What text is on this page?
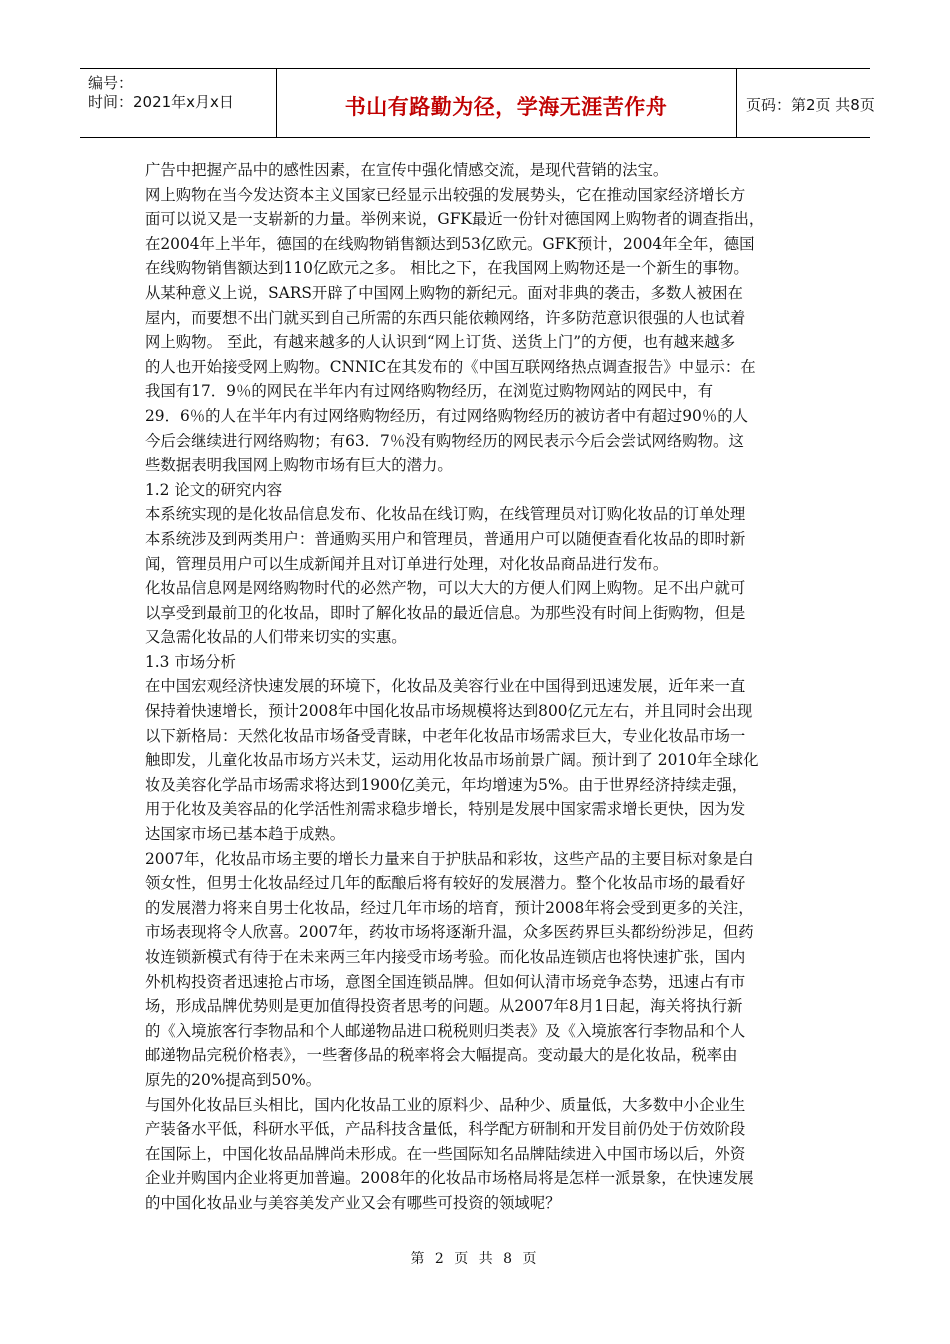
编号：
时间：2021年x月x日	书山有路勤为径，学海无涯苦作舟	页码：第2页 共8页
广告中把握产品中的感性因素，在宣传中强化情感交流，是现代营销的法宝。
网上购物在当今发达资本主义国家已经显示出较强的发展势头，它在推动国家经济增长方
面可以说又是一支崭新的力量。举例来说，GFK最近一份针对德国网上购物者的调查指出，
在2004年上半年，德国的在线购物销售额达到53亿欧元。GFK预计，2004年全年，德国
在线购物销售额达到110亿欧元之多。 相比之下，在我国网上购物还是一个新生的事物。
从某种意义上说，SARS开辟了中国网上购物的新纪元。面对非典的袭击，多数人被困在
屋内，而要想不出门就买到自己所需的东西只能依赖网络，许多防范意识很强的人也试着
网上购物。 至此，有越来越多的人认识到“网上订货、送货上门”的方便，也有越来越多
的人也开始接受网上购物。CNNIC在其发布的《中国互联网络热点调查报告》中显示：在
我国有17．9％的网民在半年内有过网络购物经历，在浏览过购物网站的网民中，有
29．6％的人在半年内有过网络购物经历，有过网络购物经历的被访者中有超过90％的人
今后会继续进行网络购物；有63．7％没有购物经历的网民表示今后会尝试网络购物。这
些数据表明我国网上购物市场有巨大的潜力。
1.2 论文的研究内容
本系统实现的是化妆品信息发布、化妆品在线订购，在线管理员对订购化妆品的订单处理
本系统涉及到两类用户：普通购买用户和管理员，普通用户可以随便查看化妆品的即时新
闻，管理员用户可以生成新闻并且对订单进行处理，对化妆品商品进行发布。
化妆品信息网是网络购物时代的必然产物，可以大大的方便人们网上购物。足不出户就可
以享受到最前卫的化妆品，即时了解化妆品的最近信息。为那些没有时间上街购物，但是
又急需化妆品的人们带来切实的实惠。
1.3 市场分析
在中国宏观经济快速发展的环境下，化妆品及美容行业在中国得到迅速发展，近年来一直
保持着快速增长，预计2008年中国化妆品市场规模将达到800亿元左右，并且同时会出现
以下新格局：天然化妆品市场备受青睐，中老年化妆品市场需求巨大，专业化妆品市场一
触即发，儿童化妆品市场方兴未艾，运动用化妆品市场前景广阔。预计到了 2010年全球化
妆及美容化学品市场需求将达到1900亿美元，年均增速为5%。由于世界经济持续走强，
用于化妆及美容品的化学活性剂需求稳步增长，特别是发展中国家需求增长更快，因为发
达国家市场已基本趋于成熟。
2007年，化妆品市场主要的增长力量来自于护肤品和彩妆，这些产品的主要目标对象是白
领女性，但男士化妆品经过几年的酝酿后将有较好的发展潜力。整个化妆品市场的最看好
的发展潜力将来自男士化妆品，经过几年市场的培育，预计2008年将会受到更多的关注，
市场表现将令人欣喜。2007年，药妆市场将逐渐升温，众多医药界巨头都纷纷涉足，但药
妆连锁新模式有待于在未来两三年内接受市场考验。而化妆品连锁店也将快速扩张，国内
外机构投资者迅速抢占市场，意图全国连锁品牌。但如何认清市场竞争态势，迅速占有市
场，形成品牌优势则是更加值得投资者思考的问题。从2007年8月1日起，海关将执行新
的《入境旅客行李物品和个人邮递物品进口税税则归类表》及《入境旅客行李物品和个人
邮递物品完税价格表》，一些奢侈品的税率将会大幅提高。变动最大的是化妆品，税率由
原先的20%提高到50%。
与国外化妆品巨头相比，国内化妆品工业的原料少、品种少、质量低，大多数中小企业生
产装备水平低，科研水平低，产品科技含量低，科学配方研制和开发目前仍处于仿效阶段
在国际上，中国化妆品品牌尚未形成。在一些国际知名品牌陆续进入中国市场以后，外资
企业并购国内企业将更加普遍。2008年的化妆品市场格局将是怎样一派景象，在快速发展
的中国化妆品业与美容美发产业又会有哪些可投资的领域呢？
第 2 页 共 8 页
